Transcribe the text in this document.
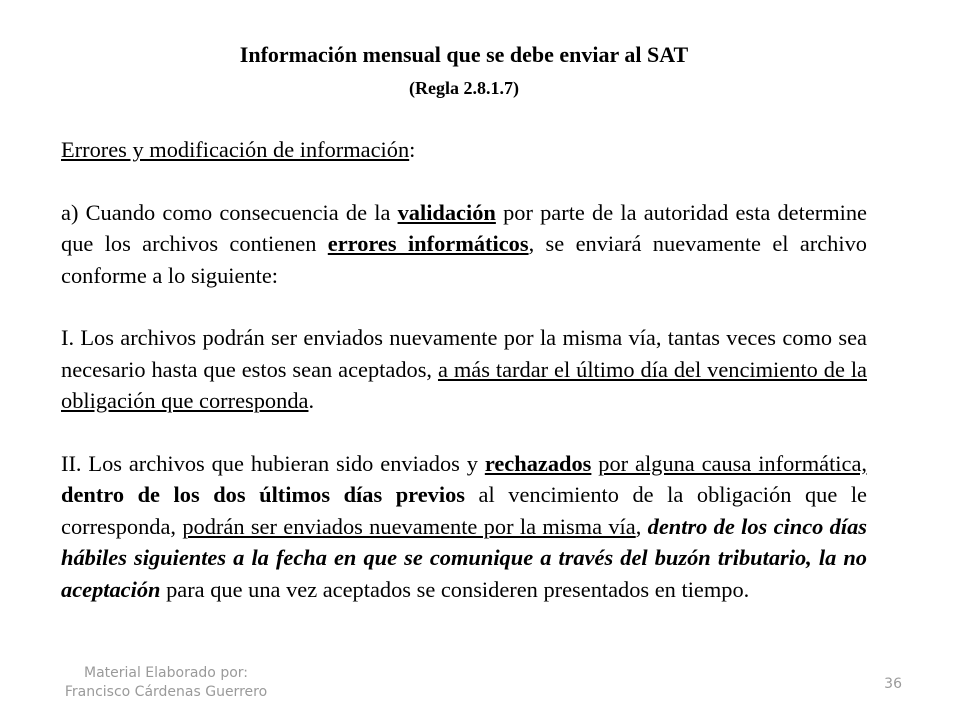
Información mensual que se debe enviar al SAT
(Regla 2.8.1.7)

Errores y modificación de información:

a) Cuando como consecuencia de la validación por parte de la autoridad esta determine que los archivos contienen errores informáticos, se enviará nuevamente el archivo conforme a lo siguiente:

I. Los archivos podrán ser enviados nuevamente por la misma vía, tantas veces como sea necesario hasta que estos sean aceptados, a más tardar el último día del vencimiento de la obligación que corresponda.

II. Los archivos que hubieran sido enviados y rechazados por alguna causa informática, dentro de los dos últimos días previos al vencimiento de la obligación que le corresponda, podrán ser enviados nuevamente por la misma vía, dentro de los cinco días hábiles siguientes a la fecha en que se comunique a través del buzón tributario, la no aceptación para que una vez aceptados se consideren presentados en tiempo.

Material Elaborado por:
Francisco Cárdenas Guerrero	36
